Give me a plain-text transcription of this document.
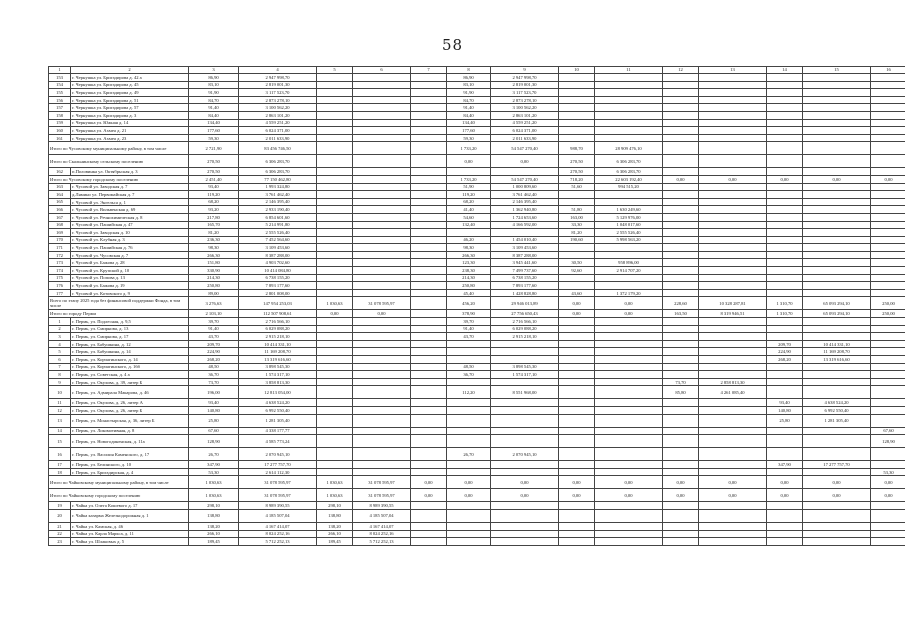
58
1	2	3	4	5	6	7	8	9	10	11	12	13	14	15	16	
153	г. Чернушка ул. Бригадирова д. 42 а	86,90	2 947 998,70				86,90	2 947 998,70								
154	г. Чернушка ул. Бригадирова д. 45	83,10	2 819 001,30				83,10	2 819 001,30								
155	г. Чернушка ул. Бригадирова д. 49	91,90	3 117 523,70				91,90	3 117 523,70								
156	г. Чернушка ул. Бригадирова д. 51	84,70	2 873 278,10				84,70	2 873 278,10								
157	г. Чернушка ул. Бригадирова д. 57	91,40	3 100 562,20				91,40	3 100 562,20								
158	г. Чернушка ул. Бригадирова д. 3	84,40	2 863 101,20				84,40	2 863 101,20								
159	г. Чернушка ул. Южная д. 14	134,40	4 559 251,20				134,40	4 559 251,20								
160	г. Чернушка ул. Ахмеа д. 21	177,60	6 024 371,00				177,60	6 024 371,00								
161	г. Чернушка ул. Ахмеа д. 23	59,30	2 011 633,90				59,30	2 011 633,90								
Итого по Чусовскому муниципальному району, в том числе		2 721,90	83 456 746,50				1 733,20	54 547 270,40	988,70	28 909 476,10						
Итого по Скальнинскому сельскому поселению		270,50	6 306 283,70				0,00	0,00	270,50	6 306 283,70						
162	п.Половинка ул. Октябрьская д. 3	270,50	6 306 283,70						270,50	6 306 283,70						
Итого по Чусовскому городскому поселению		2 451,40	77 150 462,80				1 733,20	54 547 270,40	718,20	22 603 192,40	0,00	0,00	0,00	0,00	0,00	
163	г. Чусовой ул. Заводская д. 7	93,40	1 993 324,80				51,90	1 000 809,60	51,60	994 515,20						
164	д.Лямино ул. Первомайская д. 7	119,20	3 761 462,40				119,20	3 761 462,40								
165	г. Чусовой ул. Энгельса д. 1	68,20	2 146 395,40				68,20	2 146 395,40								
166	г. Чусовой ул. Вильвенская д. 69	93,20	2 933 190,40				41,40	1 362 940,80	51,80	1 630 249,60						
167	г. Чусовой ул. Речнохимическая д. 8	217,80	6 854 601,60				54,60	1 724 653,60	163,00	5 129 976,00						
168	г. Чусовой ул. Пашийская д. 47	165,70	5 214 991,80				132,40	4 166 592,00	33,30	1 048 017,60						
169	г. Чусовой ул. Заводская д. 10	81,20	2 555 526,40						81,20	2 555 526,40						
170	г. Чусовой ул. Клубная д. 3	236,30	7 452 564,60				46,20	1 454 010,40	190,60	5 998 563,20						
171	г. Чусовой ул. Пашийская д. 76	98,30	3 109 453,60				98,30	3 109 453,60								
172	г. Чусовой ул. Чусовская д. 7	266,30	8 387 288,00				266,30	8 387 288,00								
173	г. Чусовой ул. Бажова д. 28	151,80	4 903 702,60				123,30	3 945 441,60	30,50	958 896,00						
174	г. Чусовой ул. Крупской д. 10	330,90	10 414 084,80				238,30	7 499 737,60	92,60	2 914 707,20						
175	г. Чусовой ул. Попова д. 13	214,30	6 738 155,20				214,30	6 738 155,20								
176	г. Чусовой ул. Бажова д. 19	250,80	7 893 177,60				250,80	7 893 177,60								
177	г. Чусовой ул. Котовского д. 9	89,00	2 801 008,00				45,40	1 428 828,80	43,60	1 372 179,20						
Всего по этапу 2025 года без финансовой поддержки Фонда, в том числе		3 276,63	147 954 253,03	1 030,63	31 078 595,97		456,20	29 946 013,89	0,00	0,00	228,60	10 328 287,81	1 310,70	65 093 294,10	250,00	
Итого по городу Перми		2 103,10	112 507 908,61	0,00	0,00		378,90	27 756 650,43	0,00	0,00	163,50	8 319 946,51	1 310,70	65 093 294,10	250,00	
1	г. Пермь, ул. Подлесная, д. 9,5	39,70	2 716 566,10				39,70	2 716 566,10								
2	г. Пермь, ул. Смирнова, д. 13	91,40	6 029 088,20				91,40	6 029 088,20								
3	г. Пермь, ул. Смирнова, д. 17	43,70	2 915 218,10				43,70	2 915 218,10								
4	г. Пермь, ул. Бабушкина, д. 12	209,70	10 414 331,10										209,70	10 414 331,10		
5	г. Пермь, ул. Бабушкина, д. 14	224,90	11 169 208,70										224,90	11 169 208,70		
6	г. Пермь, ул. Корчагинского, д. 14	268,20	13 319 616,60										268,20	13 319 616,60		
7	г. Пермь, ул. Корчагинского, д. 16б	48,50	3 898 545,30				48,50	3 898 545,30								
8	г. Пермь, ул. Советская, д. 4 а	36,70	1 574 317,10				36,70	1 574 317,10								
9	г. Пермь, ул. Окулова, д. 39, литер Б	73,70	3 858 813,30								73,70	2 858 813,30				
10	г. Пермь, ул. Адмирала Макарова, д. 46	196,00	12 813 054,00				112,20	8 551 968,00			85,80	4 261 085,40				
11	г. Пермь, ул. Окулова, д. 26, литер А	93,40	4 638 524,20										93,40	4 638 524,20		
12	г. Пермь, ул. Окулова, д. 26, литер Б	140,80	6 992 550,40										140,80	6 992 550,40		
13	г. Пермь, ул. Монастырская, д. 36, литер Б	25,80	1 281 305,40										25,80	1 281 305,40		
14	г. Пермь, ул. Локомотивная, д. 8	67,60	4 338 177,77												67,60	
15	г. Пермь, ул. Новогодиненская, д. 11а	128,90	4 585 773,24												128,90	
16	г. Пермь, ул. Василия Каменского, д. 17	26,70	2 070 945,10				26,70	2 070 945,10								
17	г. Пермь, ул. Белинского, д. 10	347,90	17 277 757,70										347,90	17 277 757,70		
18	г. Пермь, ул. Бригадирская, д. 4	53,30	2 614 112,30												53,30	
Итого по Чайковскому муниципальному району, в том числе		1 030,63	31 078 595,97	1 030,63	31 078 595,97	0,00	0,00	0,00	0,00	0,00	0,00	0,00	0,00	0,00	0,00	
Итого по Чайковскому городскому поселению		1 030,63	31 078 595,97	1 030,63	31 078 595,97	0,00	0,00	0,00	0,00	0,00	0,00	0,00	0,00	0,00	0,00	
19	г. Чайка ул. Олега Кошевого д. 17	298,10	8 989 390,55	298,10	8 989 390,55											
20	г. Чайка казарма Железнодорожная д. 1	138,80	4 185 507,04	138,80	4 185 507,04											
21	г. Чайка ул. Камская, д. 46	138,20	4 167 414,07	138,20	4 167 414,07											
22	г. Чайка ул. Карла Маркса, д. 11	266,10	8 024 252,16	266,10	8 024 252,16											
23	г. Чайка ул. Шлаковых д. 5	189,45	5 712 252,13	189,45	5 712 252,13											
